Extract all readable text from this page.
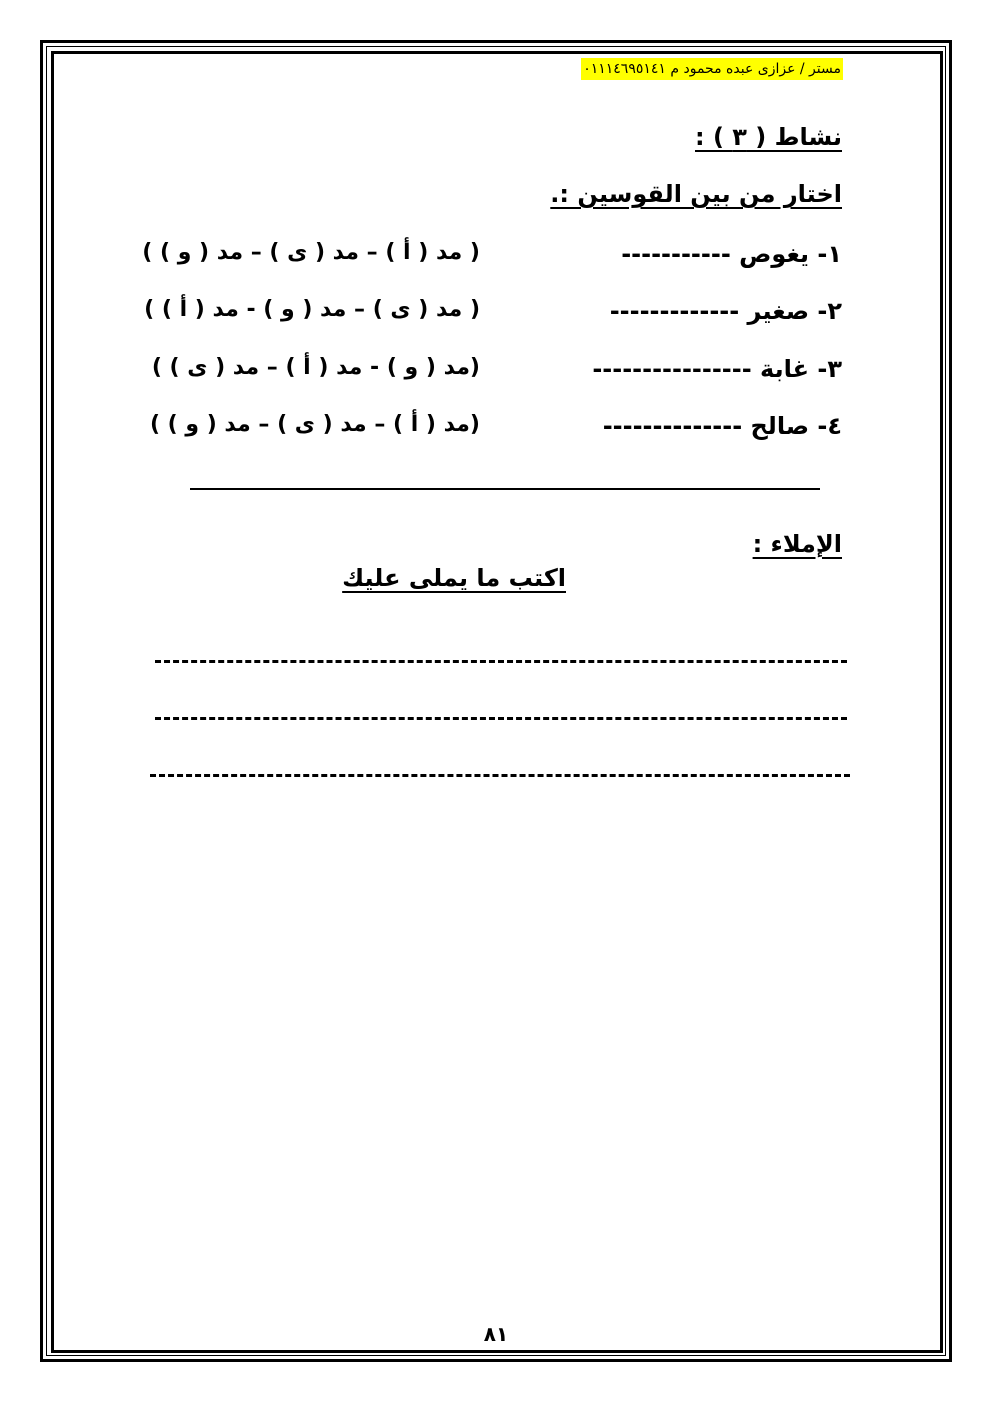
مستر / عزازى عبده محمود م ٠١١١٤٦٩٥١٤١
نشاط ( ٣ ) :
اختار من بين القوسين :.
١- يغوص -----------
( مد ( أ ) – مد ( ى ) – مد ( و ) )
٢- صغير -------------
( مد ( ى ) – مد ( و ) - مد ( أ ) )
٣- غابة ----------------
(مد ( و ) - مد ( أ ) – مد ( ى ) )
٤- صالح --------------
(مد ( أ ) – مد ( ى ) – مد ( و ) )
الإملاء :
اكتب ما يملى عليك
٨١
